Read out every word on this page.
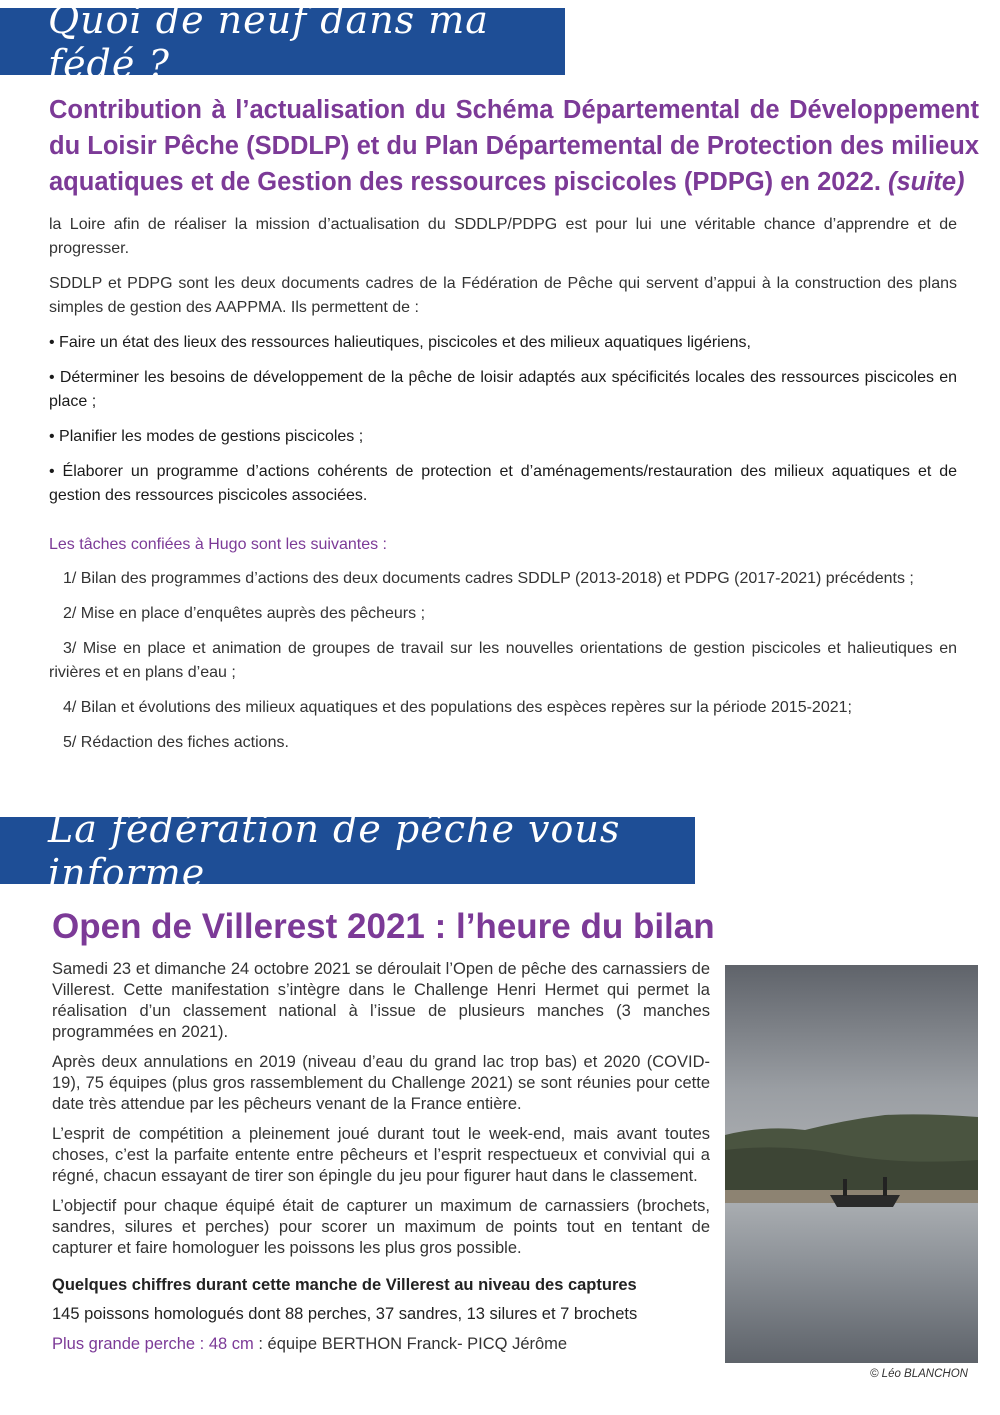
Quoi de neuf dans ma fédé ?
Contribution à l’actualisation du Schéma Départemental de Développement du Loisir Pêche (SDDLP) et du Plan Départemental de Protection des milieux aquatiques et de Gestion des ressources piscicoles (PDPG) en 2022. (suite)

la Loire afin de réaliser la mission d’actualisation du SDDLP/PDPG est pour lui une véritable chance d’apprendre et de progresser.

SDDLP et PDPG sont les deux documents cadres de la Fédération de Pêche qui servent d’appui à la construction des plans simples de gestion des AAPPMA. Ils permettent de :

• Faire un état des lieux des ressources halieutiques, piscicoles et des milieux aquatiques ligériens,

• Déterminer les besoins de développement de la pêche de loisir adaptés aux spécificités locales des ressources piscicoles en place ;

• Planifier les modes de gestions piscicoles ;

• Élaborer un programme d’actions cohérents de protection et d’aménagements/restauration des milieux aquatiques et de gestion des ressources piscicoles associées.

Les tâches confiées à Hugo sont les suivantes :

1/ Bilan des programmes d’actions des deux documents cadres SDDLP (2013-2018) et PDPG (2017-2021) précédents ;

2/ Mise en place d’enquêtes auprès des pêcheurs ;

3/ Mise en place et animation de groupes de travail sur les nouvelles orientations de gestion piscicoles et halieutiques en rivières et en plans d’eau ;

4/ Bilan et évolutions des milieux aquatiques et des populations des espèces repères sur la période 2015-2021;

5/ Rédaction des fiches actions.

La fédération de pêche vous informe
Open de Villerest 2021 : l’heure du bilan

Samedi 23 et dimanche 24 octobre 2021 se déroulait l’Open de pêche des carnassiers de Villerest. Cette manifestation s’intègre dans le Challenge Henri Hermet qui permet la réalisation d’un classement national à l’issue de plusieurs manches (3 manches programmées en 2021).

Après deux annulations en 2019 (niveau d’eau du grand lac trop bas) et 2020 (COVID-19), 75 équipes (plus gros rassemblement du Challenge 2021) se sont réunies pour cette date très attendue par les pêcheurs venant de la France entière.

L’esprit de compétition a pleinement joué durant tout le week-end, mais avant toutes choses, c’est la parfaite entente entre pêcheurs et l’esprit respectueux et convivial qui a régné, chacun essayant de tirer son épingle du jeu pour figurer haut dans le classement.

L’objectif pour chaque équipé était de capturer un maximum de carnassiers (brochets, sandres, silures et perches) pour scorer un maximum de points tout en tentant de capturer et faire homologuer les poissons les plus gros possible.

Quelques chiffres durant cette manche de Villerest au niveau des captures
145 poissons homologués dont 88 perches, 37 sandres, 13 silures et 7 brochets
Plus grande perche : 48 cm : équipe BERTHON Franck- PICQ Jérôme
© Léo BLANCHON
